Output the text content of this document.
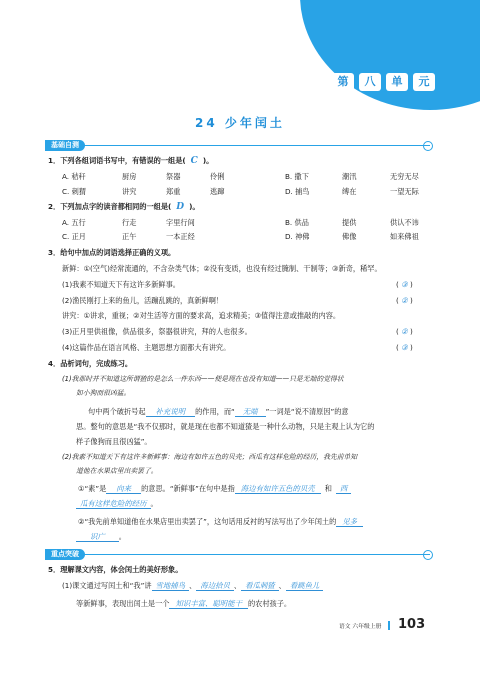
第	八	单	元
24 少年闰土
基础自测
1．下列各组词语书写中，有错误的一组是( C )。
A. 秸秆	厨房	祭器	伶俐	B. 撒下	潮汛	无穷无尽
C. 刺猬	讲究	郑重	逃蹿	D. 捕鸟	缚在	一望无际
2．下列加点字的读音都相同的一组是( D )。
A. 五行	行走	字里行间	B. 供品	提供	供认不讳
C. 正月	正午	一本正经	D. 神佛	佛像	如来佛祖
3．给句中加点的词语选择正确的义项。
新鲜：①(空气)经常流通的，不含杂类气体；②没有变质，也没有经过腌制、干制等；③新奇，稀罕。
(1)我素不知道天下有这许多新鲜事。	( ③ )
(2)渔民刚打上来的鱼儿，活蹦乱跳的，真新鲜啊！	( ② )
讲究：①讲求，重视；②对生活等方面的要求高，追求精美；③值得注意或推敲的内容。
(3)正月里供祖像，供品很多，祭器很讲究，拜的人也很多。	( ② )
(4)这篇作品在语言风格、主题思想方面都大有讲究。	( ③ )
4．品析词句，完成练习。
(1)我那时并不知道这所谓猹的是怎么一件东西——便是现在也没有知道——只是无端的觉得状
如小狗而很凶猛。
句中两个破折号起 补充说明 的作用，而“ 无端 ”一词是“说不清原因”的意
思。整句的意思是“我不仅那时，就是现在也都不知道猹是一种什么动物，只是主观上认为它的
样子像狗而且很凶猛”。
(2)我素不知道天下有这许多新鲜事：海边有如许五色的贝壳；西瓜有这样危险的经历，我先前单知
道他在水果店里出卖罢了。
①“素”是 向来 的意思。“新鲜事”在句中是指 海边有如许五色的贝壳 和 西
瓜有这样危险的经历 。
②“我先前单知道他在水果店里出卖罢了”，这句话用反衬的写法写出了少年闰土的 见多
识广 。
重点突破
5．理解课文内容，体会闰土的美好形象。
(1)课文通过写闰土和“我”讲 雪地捕鸟 、 海边拾贝 、 看瓜刺猹 、 看跳鱼儿
等新鲜事，表现出闰土是一个 知识丰富、聪明能干 的农村孩子。
语文 六年级上册 103
